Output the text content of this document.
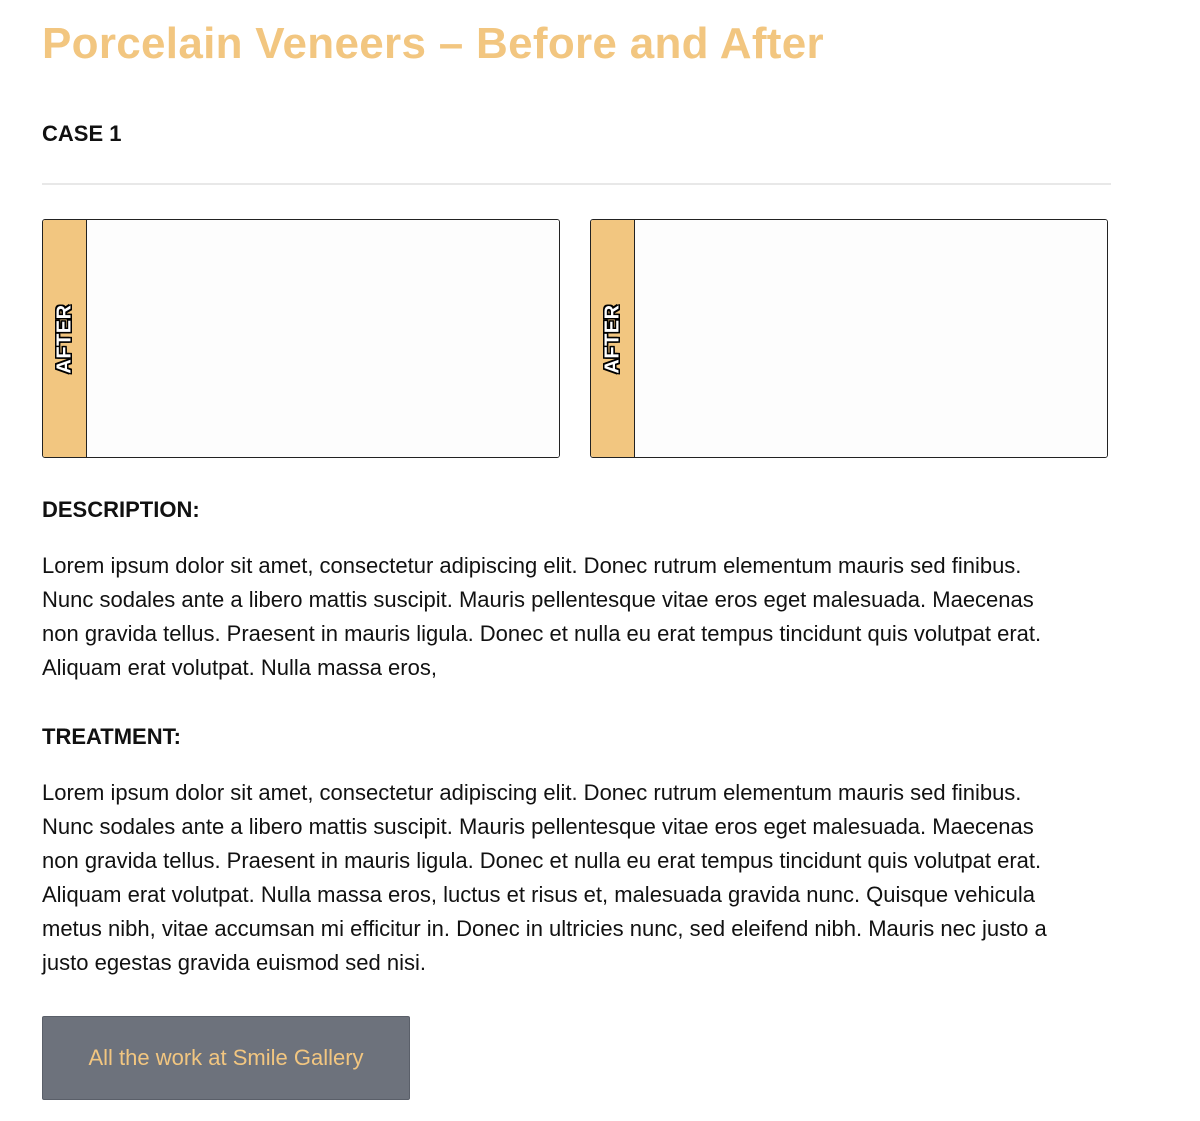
Porcelain Veneers – Before and After
CASE 1
AFTER	AFTER
DESCRIPTION:

Lorem ipsum dolor sit amet, consectetur adipiscing elit. Donec rutrum elementum mauris sed finibus.
Nunc sodales ante a libero mattis suscipit. Mauris pellentesque vitae eros eget malesuada. Maecenas
non gravida tellus. Praesent in mauris ligula. Donec et nulla eu erat tempus tincidunt quis volutpat erat.
Aliquam erat volutpat. Nulla massa eros,

TREATMENT:

Lorem ipsum dolor sit amet, consectetur adipiscing elit. Donec rutrum elementum mauris sed finibus.
Nunc sodales ante a libero mattis suscipit. Mauris pellentesque vitae eros eget malesuada. Maecenas
non gravida tellus. Praesent in mauris ligula. Donec et nulla eu erat tempus tincidunt quis volutpat erat.
Aliquam erat volutpat. Nulla massa eros, luctus et risus et, malesuada gravida nunc. Quisque vehicula
metus nibh, vitae accumsan mi efficitur in. Donec in ultricies nunc, sed eleifend nibh. Mauris nec justo a
justo egestas gravida euismod sed nisi.

All the work at Smile Gallery
